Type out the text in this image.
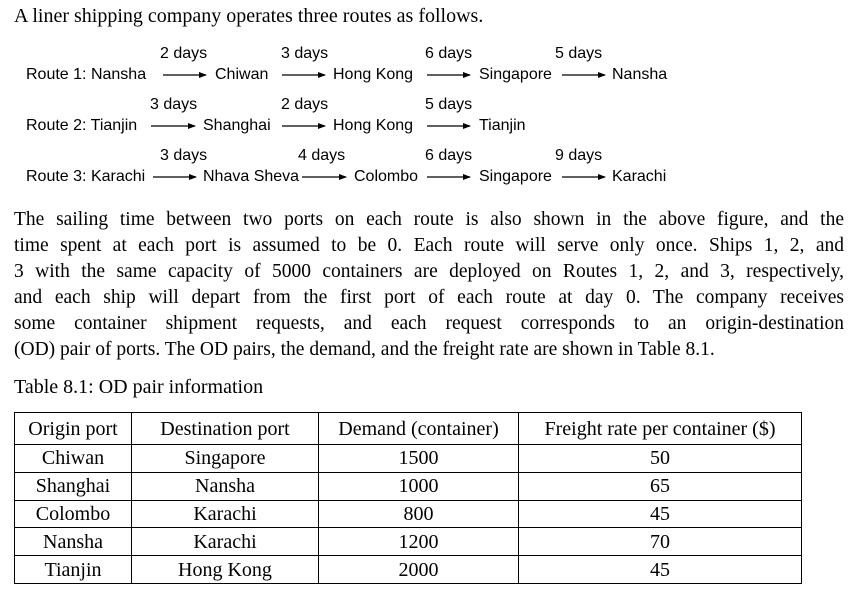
A liner shipping company operates three routes as follows.
Route 1: Nansha
2 days
Chiwan
3 days
Hong Kong
6 days
Singapore
5 days
Nansha
Route 2: Tianjin
3 days
Shanghai
2 days
Hong Kong
5 days
Tianjin
Route 3: Karachi
3 days
Nhava Sheva
4 days
Colombo
6 days
Singapore
9 days
Karachi
The sailing time between two ports on each route is also shown in the above figure, and the
time spent at each port is assumed to be 0. Each route will serve only once. Ships 1, 2, and
3 with the same capacity of 5000 containers are deployed on Routes 1, 2, and 3, respectively,
and each ship will depart from the first port of each route at day 0. The company receives
some container shipment requests, and each request corresponds to an origin-destination
(OD) pair of ports. The OD pairs, the demand, and the freight rate are shown in Table 8.1.
Table 8.1: OD pair information
Origin port	Destination port	Demand (container)	Freight rate per container ($)
Chiwan	Singapore	1500	50
Shanghai	Nansha	1000	65
Colombo	Karachi	800	45
Nansha	Karachi	1200	70
Tianjin	Hong Kong	2000	45
